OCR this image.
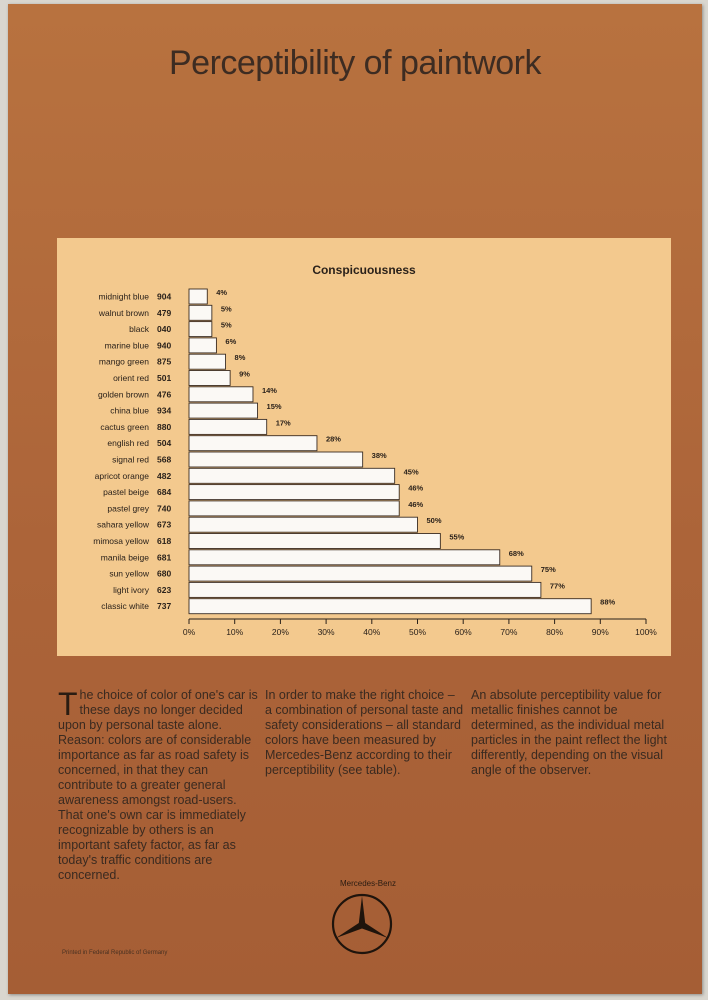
Perceptibility of paintwork
Conspicuousness
midnight blue 904	4%
walnut brown 479	5%
black 040	5%
marine blue 940	6%
mango green 875	8%
orient red 501	9%
golden brown 476	14%
china blue 934	15%
cactus green 880	17%
english red 504	28%
signal red 568	38%
apricot orange 482	45%
pastel beige 684	46%
pastel grey 740	46%
sahara yellow 673	50%
mimosa yellow 618	55%
manila beige 681	68%
sun yellow 680	75%
light ivory 623	77%
classic white 737	88%
0%	10%	20%	30%	40%	50%	60%	70%	80%	90%	100%
The choice of color of one's car is these days no longer decided upon by personal taste alone. Reason: colors are of considerable importance as far as road safety is concerned, in that they can contribute to a greater general awareness amongst road-users. That one's own car is immediately recognizable by others is an important safety factor, as far as today's traffic conditions are concerned.
In order to make the right choice – a combination of personal taste and safety considerations – all standard colors have been measured by Mercedes-Benz according to their perceptibility (see table).
An absolute perceptibility value for metallic finishes cannot be determined, as the individual metal particles in the paint reflect the light differently, depending on the visual angle of the observer.
Mercedes-Benz
Printed in Federal Republic of Germany
